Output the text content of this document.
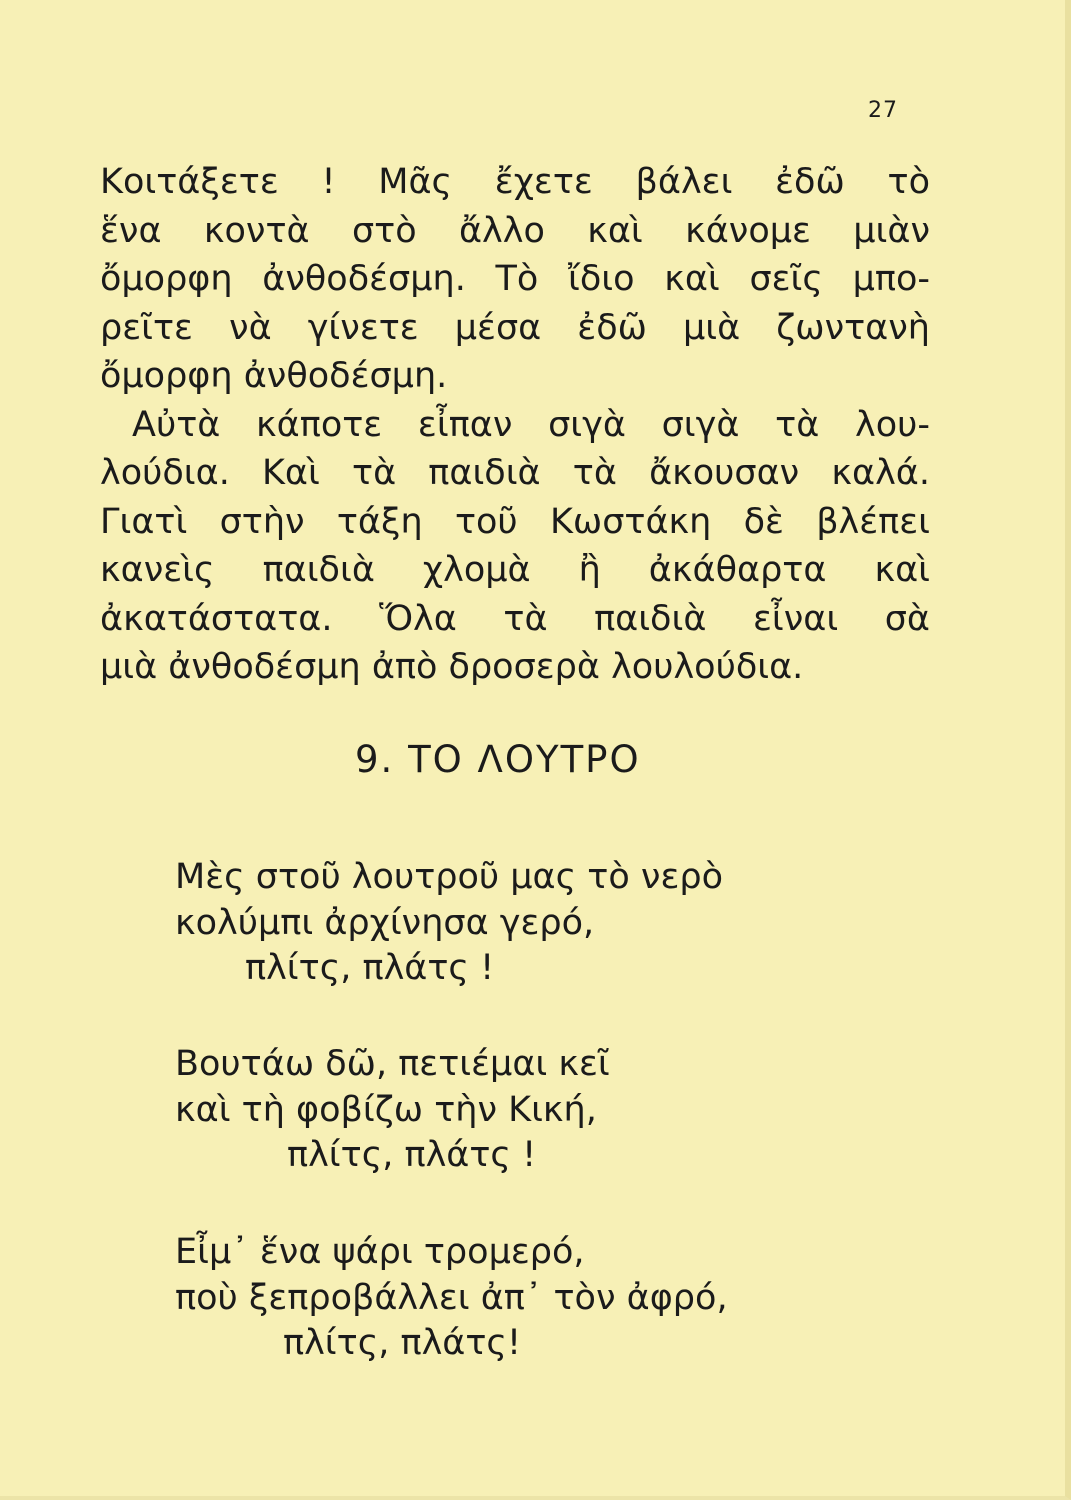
27
Κοιτάξετε ! Μᾶς ἔχετε βάλει ἐδῶ τὸ
ἕνα κοντὰ στὸ ἄλλο καὶ κάνομε μιὰν
ὄμορφη ἀνθοδέσμη. Τὸ ἴδιο καὶ σεῖς μπο-
ρεῖτε νὰ γίνετε μέσα ἐδῶ μιὰ ζωντανὴ
ὄμορφη ἀνθοδέσμη.
Αὐτὰ κάποτε εἶπαν σιγὰ σιγὰ τὰ λου-
λούδια. Καὶ τὰ παιδιὰ τὰ ἄκουσαν καλά.
Γιατὶ στὴν τάξη τοῦ Κωστάκη δὲ βλέπει
κανεὶς παιδιὰ χλομὰ ἢ ἀκάθαρτα καὶ
ἀκατάστατα. Ὅλα τὰ παιδιὰ εἶναι σὰ
μιὰ ἀνθοδέσμη ἀπὸ δροσερὰ λουλούδια.
9. ΤΟ ΛΟΥΤΡΟ
Μὲς στοῦ λουτροῦ μας τὸ νερὸ
κολύμπι ἀρχίνησα γερό,
πλίτς, πλάτς !
Βουτάω δῶ, πετιέμαι κεῖ
καὶ τὴ φοβίζω τὴν Κική,
πλίτς, πλάτς !
Εἶμ᾽ ἕνα ψάρι τρομερό,
ποὺ ξεπροβάλλει ἀπ᾽ τὸν ἀφρό,
πλίτς, πλάτς!
